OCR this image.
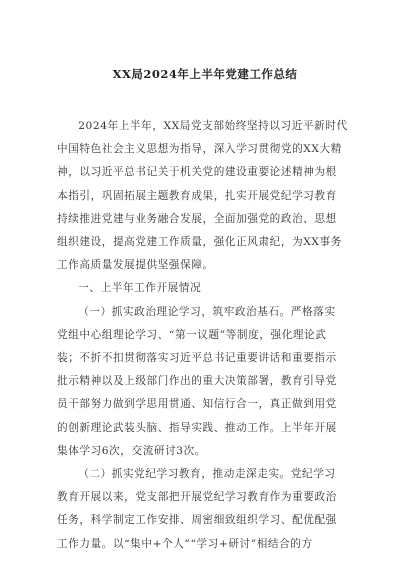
XX局2024年上半年党建工作总结

2024年上半年，XX局党支部始终坚持以习近平新时代
中国特色社会主义思想为指导，深入学习贯彻党的XX大精
神，以习近平总书记关于机关党的建设重要论述精神为根
本指引，巩固拓展主题教育成果，扎实开展党纪学习教育
持续推进党建与业务融合发展，全面加强党的政治、思想
组织建设，提高党建工作质量，强化正风肃纪，为XX事务
工作高质量发展提供坚强保障。

一、上半年工作开展情况

（一）抓实政治理论学习，筑牢政治基石。严格落实
党组中心组理论学习、“第一议题”等制度，强化理论武
装；不折不扣贯彻落实习近平总书记重要讲话和重要指示
批示精神以及上级部门作出的重大决策部署，教育引导党
员干部努力做到学思用贯通、知信行合一，真正做到用党
的创新理论武装头脑、指导实践、推动工作。上半年开展
集体学习6次，交流研讨3次。

（二）抓实党纪学习教育，推动走深走实。党纪学习
教育开展以来，党支部把开展党纪学习教育作为重要政治
任务，科学制定工作安排、周密细致组织学习、配优配强
工作力量。以“集中+个人”“学习+研讨”相结合的方
